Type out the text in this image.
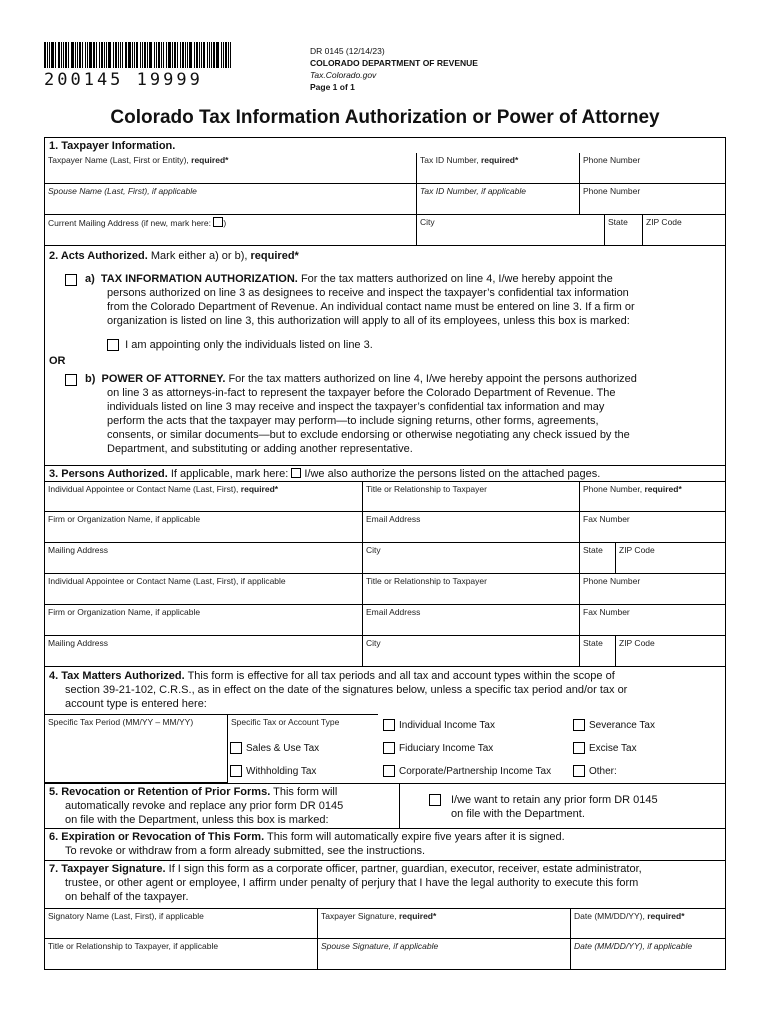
200145 19999
DR 0145 (12/14/23)
COLORADO DEPARTMENT OF REVENUE
Tax.Colorado.gov
Page 1 of 1
Colorado Tax Information Authorization or Power of Attorney
1. Taxpayer Information.
Taxpayer Name (Last, First or Entity), required*	Tax ID Number, required*	Phone Number
Spouse Name (Last, First), if applicable	Tax ID Number, if applicable	Phone Number
Current Mailing Address (if new, mark here: )	City	State	ZIP Code
2. Acts Authorized. Mark either a) or b), required*
a) TAX INFORMATION AUTHORIZATION. For the tax matters authorized on line 4, I/we hereby appoint the
persons authorized on line 3 as designees to receive and inspect the taxpayer’s confidential tax information
from the Colorado Department of Revenue. An individual contact name must be entered on line 3. If a firm or
organization is listed on line 3, this authorization will apply to all of its employees, unless this box is marked:
I am appointing only the individuals listed on line 3.
OR
b) POWER OF ATTORNEY. For the tax matters authorized on line 4, I/we hereby appoint the persons authorized
on line 3 as attorneys-in-fact to represent the taxpayer before the Colorado Department of Revenue. The
individuals listed on line 3 may receive and inspect the taxpayer’s confidential tax information and may
perform the acts that the taxpayer may perform—to include signing returns, other forms, agreements,
consents, or similar documents—but to exclude endorsing or otherwise negotiating any check issued by the
Department, and substituting or adding another representative.
3. Persons Authorized. If applicable, mark here: I/we also authorize the persons listed on the attached pages.
Individual Appointee or Contact Name (Last, First), required*	Title or Relationship to Taxpayer	Phone Number, required*
Firm or Organization Name, if applicable	Email Address	Fax Number
Mailing Address	City	State	ZIP Code
Individual Appointee or Contact Name (Last, First), if applicable	Title or Relationship to Taxpayer	Phone Number
Firm or Organization Name, if applicable	Email Address	Fax Number
Mailing Address	City	State	ZIP Code
4. Tax Matters Authorized. This form is effective for all tax periods and all tax and account types within the scope of
section 39-21-102, C.R.S., as in effect on the date of the signatures below, unless a specific tax period and/or tax or
account type is entered here:
Specific Tax Period (MM/YY – MM/YY)	Specific Tax or Account Type	Individual Income Tax	Severance Tax
Sales & Use Tax	Fiduciary Income Tax	Excise Tax
Withholding Tax	Corporate/Partnership Income Tax	Other:
5. Revocation or Retention of Prior Forms. This form will
automatically revoke and replace any prior form DR 0145
on file with the Department, unless this box is marked:
I/we want to retain any prior form DR 0145
on file with the Department.
6. Expiration or Revocation of This Form. This form will automatically expire five years after it is signed.
To revoke or withdraw from a form already submitted, see the instructions.
7. Taxpayer Signature. If I sign this form as a corporate officer, partner, guardian, executor, receiver, estate administrator,
trustee, or other agent or employee, I affirm under penalty of perjury that I have the legal authority to execute this form
on behalf of the taxpayer.
Signatory Name (Last, First), if applicable	Taxpayer Signature, required*	Date (MM/DD/YY), required*
Title or Relationship to Taxpayer, if applicable	Spouse Signature, if applicable	Date (MM/DD/YY), if applicable
